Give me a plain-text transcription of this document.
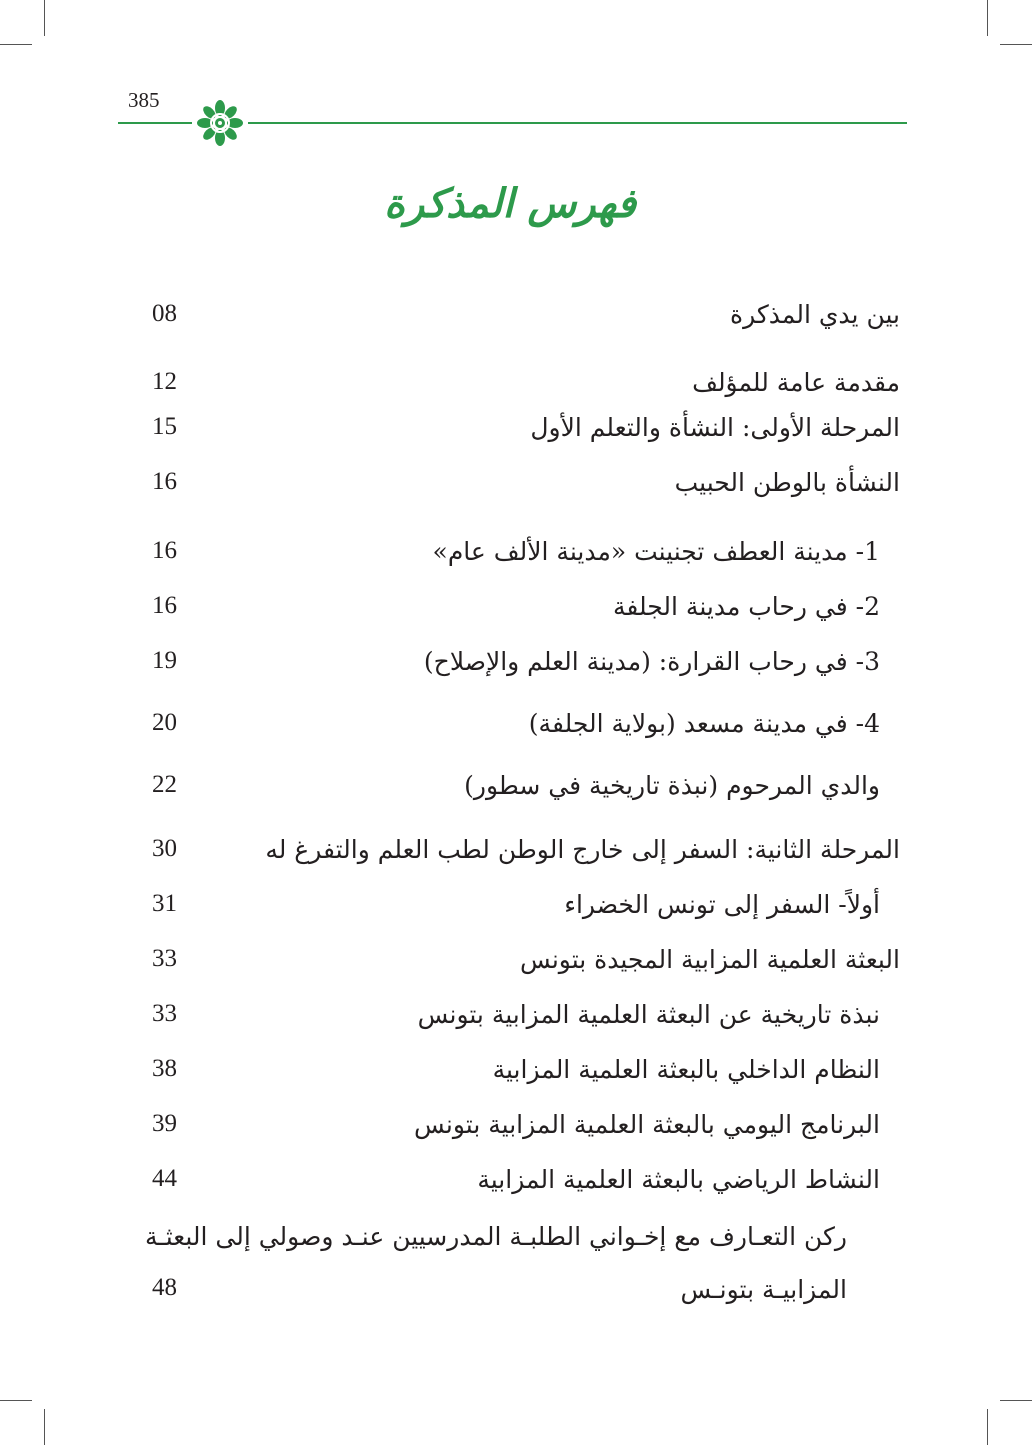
385
فهرس المذكرة
بين يدي المذكرة
08
مقدمة عامة للمؤلف
12
المرحلة الأولى: النشأة والتعلم الأول
15
النشأة بالوطن الحبيب
16
1- مدينة العطف تجنينت «مدينة الألف عام»
16
2- في رحاب مدينة الجلفة
16
3- في رحاب القرارة: (مدينة العلم والإصلاح)
19
4- في مدينة مسعد (بولاية الجلفة)
20
والدي المرحوم (نبذة تاريخية في سطور)
22
المرحلة الثانية: السفر إلى خارج الوطن لطب العلم والتفرغ له
30
أولاً- السفر إلى تونس الخضراء
31
البعثة العلمية المزابية المجيدة بتونس
33
نبذة تاريخية عن البعثة العلمية المزابية بتونس
33
النظام الداخلي بالبعثة العلمية المزابية
38
البرنامج اليومي بالبعثة العلمية المزابية بتونس
39
النشاط الرياضي بالبعثة العلمية المزابية
44
ركن التعـارف مع إخـواني الطلبـة المدرسيين عنـد وصولي إلى البعثـة
المزابيـة بتونـس
48
